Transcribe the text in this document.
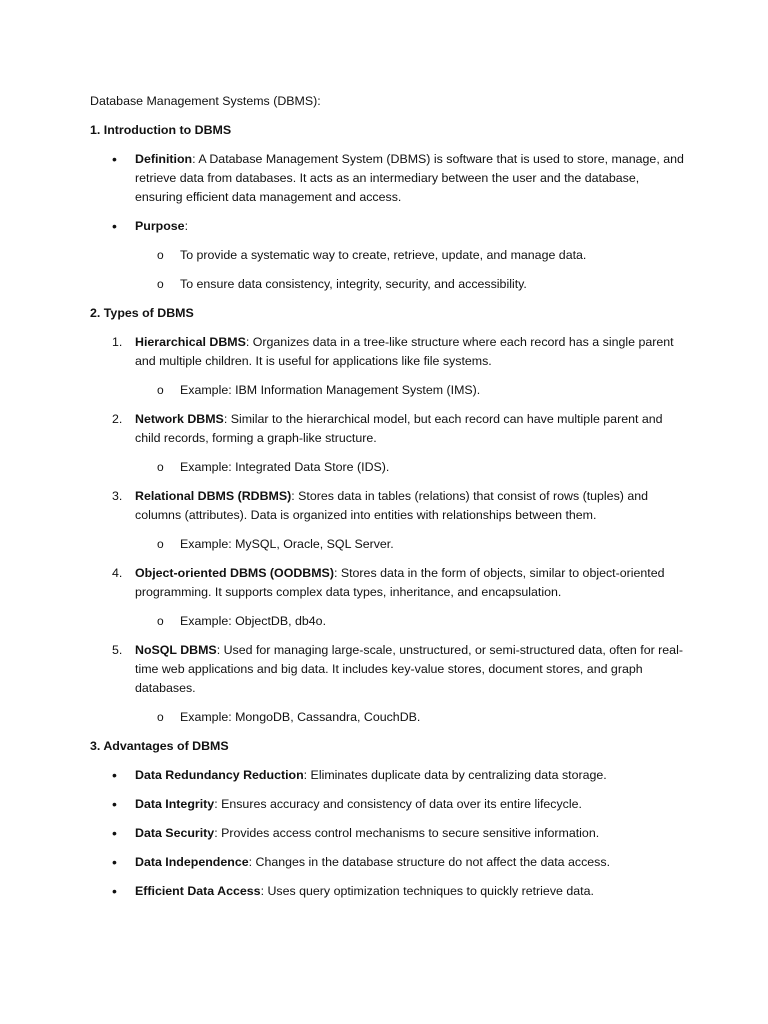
Database Management Systems (DBMS):

1. Introduction to DBMS

• Definition: A Database Management System (DBMS) is software that is used to store, manage, and retrieve data from databases. It acts as an intermediary between the user and the database, ensuring efficient data management and access.
• Purpose:
o To provide a systematic way to create, retrieve, update, and manage data.
o To ensure data consistency, integrity, security, and accessibility.

2. Types of DBMS

1. Hierarchical DBMS: Organizes data in a tree-like structure where each record has a single parent and multiple children. It is useful for applications like file systems.
o Example: IBM Information Management System (IMS).
2. Network DBMS: Similar to the hierarchical model, but each record can have multiple parent and child records, forming a graph-like structure.
o Example: Integrated Data Store (IDS).
3. Relational DBMS (RDBMS): Stores data in tables (relations) that consist of rows (tuples) and columns (attributes). Data is organized into entities with relationships between them.
o Example: MySQL, Oracle, SQL Server.
4. Object-oriented DBMS (OODBMS): Stores data in the form of objects, similar to object-oriented programming. It supports complex data types, inheritance, and encapsulation.
o Example: ObjectDB, db4o.
5. NoSQL DBMS: Used for managing large-scale, unstructured, or semi-structured data, often for real-time web applications and big data. It includes key-value stores, document stores, and graph databases.
o Example: MongoDB, Cassandra, CouchDB.

3. Advantages of DBMS

• Data Redundancy Reduction: Eliminates duplicate data by centralizing data storage.
• Data Integrity: Ensures accuracy and consistency of data over its entire lifecycle.
• Data Security: Provides access control mechanisms to secure sensitive information.
• Data Independence: Changes in the database structure do not affect the data access.
• Efficient Data Access: Uses query optimization techniques to quickly retrieve data.
